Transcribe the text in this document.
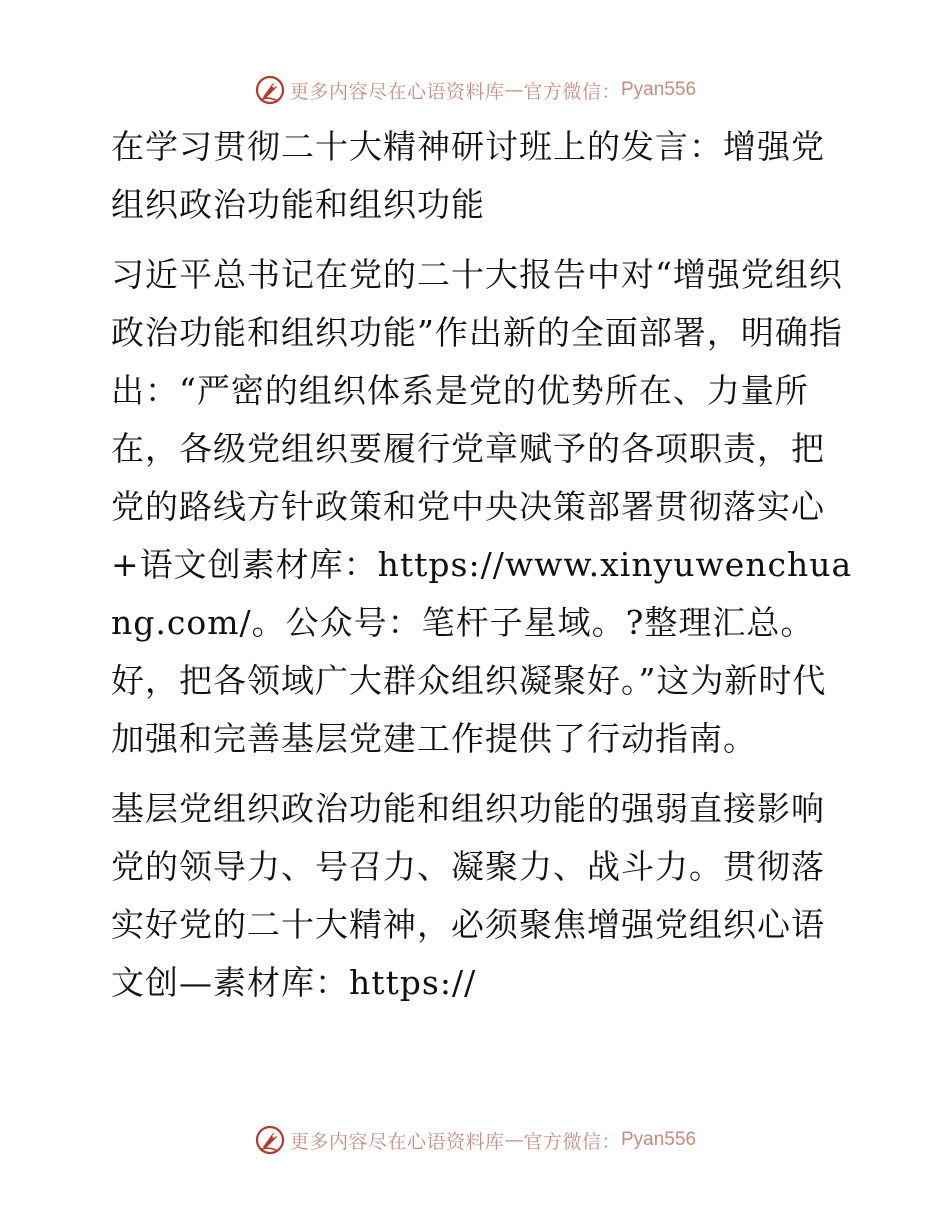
更多内容尽在心语资料库 — 官方微信： Pyan556

在学习贯彻二十大精神研讨班上的发言：增强党组织政治功能和组织功能

习近平总书记在党的二十大报告中对“增强党组织政治功能和组织功能”作出新的全面部署，明确指出：“严密的组织体系是党的优势所在、力量所在，各级党组织要履行党章赋予的各项职责，把党的路线方针政策和党中央决策部署贯彻落实心+语文创素材库：https://www.xinyuwenchuang.com/。公众号：笔杆子星域。?整理汇总。好，把各领域广大群众组织凝聚好。”这为新时代加强和完善基层党建工作提供了行动指南。

基层党组织政治功能和组织功能的强弱直接影响党的领导力、号召力、凝聚力、战斗力。贯彻落实好党的二十大精神，必须聚焦增强党组织心语文创—素材库：https://

更多内容尽在心语资料库 — 官方微信： Pyan556
